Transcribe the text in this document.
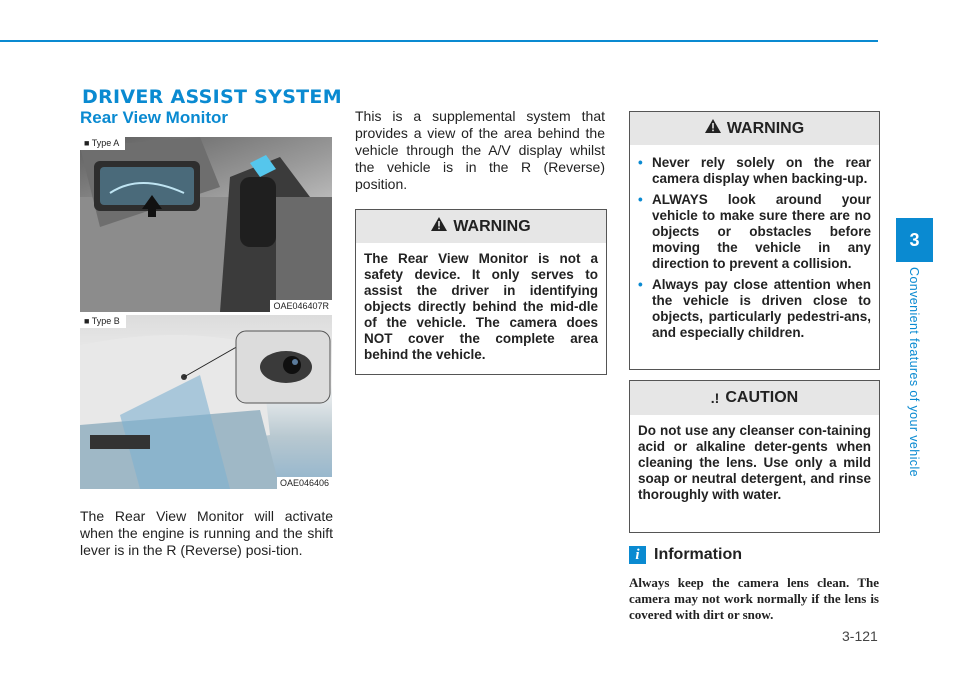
DRIVER ASSIST SYSTEM
Rear View Monitor
■ Type A
OAE046407R
■ Type B
OAE046406
The Rear View Monitor will activate when the engine is running and the shift lever is in the R (Reverse) posi-tion.
This is a supplemental system that provides a view of the area behind the vehicle through the A/V display whilst the vehicle is in the R (Reverse) position.
WARNING
The Rear View Monitor is not a safety device. It only serves to assist the driver in identifying objects directly behind the mid-dle of the vehicle. The camera does NOT cover the complete area behind the vehicle.
WARNING
• Never rely solely on the rear camera display when backing-up.
• ALWAYS look around your vehicle to make sure there are no objects or obstacles before moving the vehicle in any direction to prevent a collision.
• Always pay close attention when the vehicle is driven close to objects, particularly pedestri-ans, and especially children.
.! CAUTION
Do not use any cleanser con-taining acid or alkaline deter-gents when cleaning the lens. Use only a mild soap or neutral detergent, and rinse thoroughly with water.
i Information
Always keep the camera lens clean. The camera may not work normally if the lens is covered with dirt or snow.
3
Convenient features of your vehicle
3-121
